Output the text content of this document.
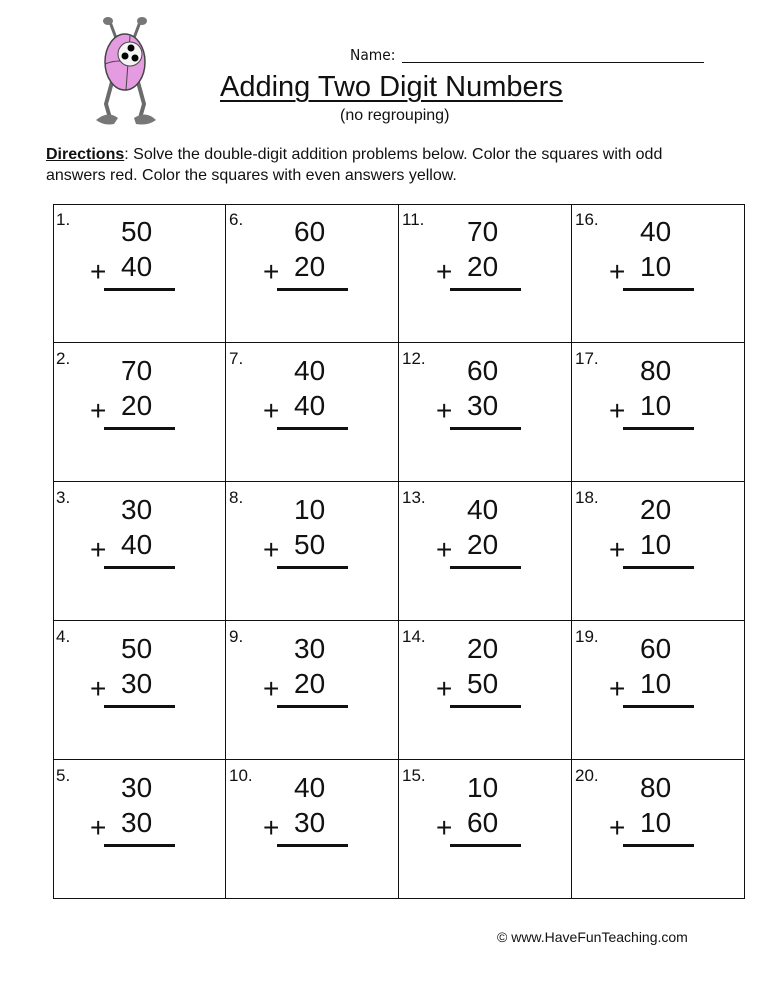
Name:
Adding Two Digit Numbers
(no regrouping)
Directions: Solve the double-digit addition problems below. Color the squares with odd answers red. Color the squares with even answers yellow.
1. 50
+ 40
2. 70
+ 20
3. 30
+ 40
4. 50
+ 30
5. 30
+ 30
6. 60
+ 20
7. 40
+ 40
8. 10
+ 50
9. 30
+ 20
10. 40
+ 30
11. 70
+ 20
12. 60
+ 30
13. 40
+ 20
14. 20
+ 50
15. 10
+ 60
16. 40
+ 10
17. 80
+ 10
18. 20
+ 10
19. 60
+ 10
20. 80
+ 10
© www.HaveFunTeaching.com
